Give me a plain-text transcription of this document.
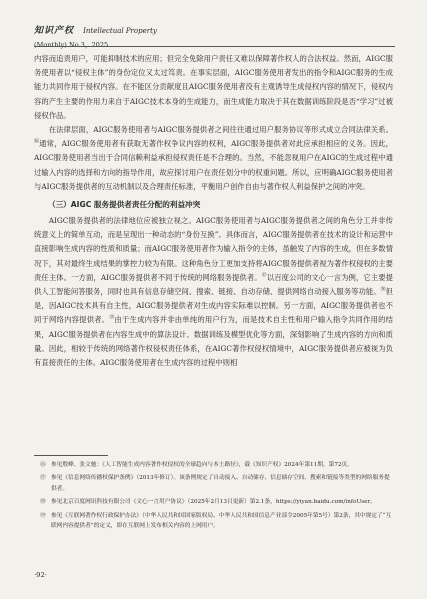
知识产权 Intellectual Property
(Monthly) No.3，2025

内容而追责用户，可能抑制技术的应用；但完全免除用户责任又难以保障著作权人的合法权益。然而，AIGC服务使用者以“侵权主体”的身份定位又太过笃责。在事实层面，AIGC服务使用者发出的指令和AIGC服务的生成能力共同作用于侵权内容。在不能区分贡献度且AIGC服务使用者没有主观诱导生成侵权内容的情况下，侵权内容的产生主要的作用力来自于AIGC技术本身的生成能力，而生成能力取决于其在数据训练阶段是否“学习”过被侵权作品。

在法律层面，AIGC服务使用者与AIGC服务提供者之间往往通过用户服务协议等形式成立合同法律关系。⑯通常，AIGC服务使用者有获取无著作权争议内容的权利，AIGC服务提供者对此应承担相应的义务。因此，AIGC服务使用者当出于合同信赖利益承担侵权责任是不合理的。当然，不能忽视用户在AIGC的生成过程中通过输入内容的选择和方向的指导作用，故应探讨用户在责任划分中的权重问题。所以，应明确AIGC服务使用者与AIGC服务提供者的互动机制以及合理责任标准，平衡用户创作自由与著作权人利益保护之间的冲突。

（三）AIGC 服务提供者责任分配的利益冲突

AIGC服务提供者的法律地位应被独立视之。AIGC服务使用者与AIGC服务提供者之间的角色分工并非传统意义上的简单互动，而是呈现出一种动态的“身份互换”。具体而言，AIGC服务提供者在技术的设计和运营中直接影响生成内容的性质和质量；而AIGC服务使用者作为输入指令的主体，虽触发了内容的生成，但在多数情况下，其对最终生成结果的掌控力较为有限。这种角色分工更加支持将AIGC服务提供者视为著作权侵权的主要责任主体。一方面，AIGC服务提供者不同于传统的网络服务提供者。⑰以百度公司的文心一言为例，它主要提供人工智能问答服务，同时也具有信息存储空间、搜索、链接、自动存储、提供网络自动接入服务等功能。⑱但是，因AIGC技术具有自主性，AIGC服务提供者对生成内容实际难以控制。另一方面，AIGC服务提供者也不同于网络内容提供者。⑲由于生成内容并非由单纯的用户行为，而是技术自主性和用户输入指令共同作用的结果，AIGC服务提供者在内容生成中的算法设计、数据训练及模型优化等方面，深刻影响了生成内容的方向和质量。因此，相较于传统的网络著作权侵权责任体系，在AIGC著作权侵权情境中，AIGC服务提供者应被视为负有直接责任的主体。AIGC服务使用者在生成内容的过程中则相

⑯ 参见殷峰、张文驰：《人工智能生成内容著作权侵权的全球趋向与本土路径》，载《知识产权》2024年第11期，第72页。

⑰ 参见《信息网络传播权保护条例》（2013年修订）。该条例规定了自动接入、自动储存、信息储存空间、搜索和链接等类型的网络服务提供者。

⑱ 参见北京百度网讯科技有限公司《文心一言用户协议》（2025年2月13日更新）第2.1条，https://yiyan.baidu.com/infoUser。

⑲ 参见《互联网著作权行政保护办法》（中华人民共和国国家版权局、中华人民共和国信息产业部令2005年第5号）第2条，其中规定了“互联网内容提供者”的定义，即在互联网上发布相关内容的上网用户。

·92·
